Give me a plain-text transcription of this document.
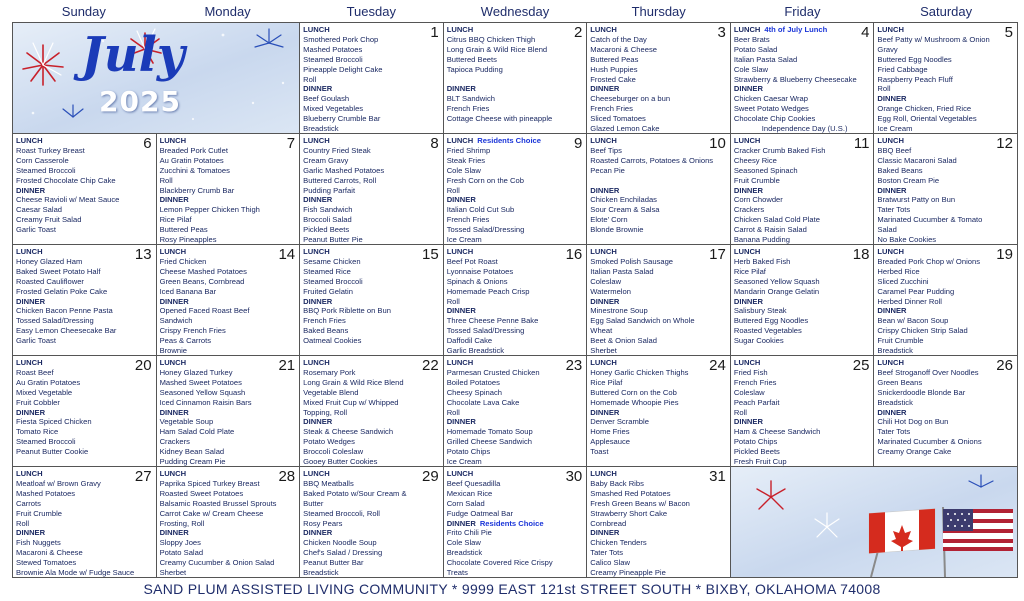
Sunday	Monday	Tuesday	Wednesday	Thursday	Friday	Saturday
July
2025
1
LUNCH
Smothered Pork Chop
Mashed Potatoes
Steamed Broccoli
Pineapple Delight Cake
Roll
DINNER
Beef Goulash
Mixed Vegetables
Blueberry Crumble Bar
Breadstick
2
LUNCH
Citrus BBQ Chicken Thigh
Long Grain & Wild Rice Blend
Buttered Beets
Tapioca Pudding

DINNER
BLT Sandwich
French Fries
Cottage Cheese with pineapple
3
LUNCH
Catch of the Day
Macaroni & Cheese
Buttered Peas
Hush Puppies
Frosted Cake
DINNER
Cheeseburger on a bun
French Fries
Sliced Tomatoes
Glazed Lemon Cake
4
LUNCH 4th of July Lunch
Beer Brats
Potato Salad
Italian Pasta Salad
Cole Slaw
Strawberry & Blueberry Cheesecake
DINNER
Chicken Caesar Wrap
Sweet Potato Wedges
Chocolate Chip Cookies
Independence Day (U.S.)
5
LUNCH
Beef Patty w/ Mushroom & Onion
Gravy
Buttered Egg Noodles
Fried Cabbage
Raspberry Peach Fluff
Roll
DINNER
Orange Chicken, Fried Rice
Egg Roll, Oriental Vegetables
Ice Cream
6
LUNCH
Roast Turkey Breast
Corn Casserole
Steamed Broccoli
Frosted Chocolate Chip Cake
DINNER
Cheese Ravioli w/ Meat Sauce
Caesar Salad
Creamy Fruit Salad
Garlic Toast
7
LUNCH
Breaded Pork Cutlet
Au Gratin Potatoes
Zucchini & Tomatoes
Roll
Blackberry Crumb Bar
DINNER
Lemon Pepper Chicken Thigh
Rice Pilaf
Buttered Peas
Rosy Pineapples
8
LUNCH
Country Fried Steak
Cream Gravy
Garlic Mashed Potatoes
Buttered Carrots, Roll
Pudding Parfait
DINNER
Fish Sandwich
Broccoli Salad
Pickled Beets
Peanut Butter Pie
9
LUNCH Residents Choice
Fried Shrimp
Steak Fries
Cole Slaw
Fresh Corn on the Cob
Roll
DINNER
Italian Cold Cut Sub
French Fries
Tossed Salad/Dressing
Ice Cream
10
LUNCH
Beef Tips
Roasted Carrots, Potatoes & Onions
Pecan Pie

DINNER
Chicken Enchiladas
Sour Cream & Salsa
Elote' Corn
Blonde Brownie
11
LUNCH
Cracker Crumb Baked Fish
Cheesy Rice
Seasoned Spinach
Fruit Crumble
DINNER
Corn Chowder
Crackers
Chicken Salad Cold Plate
Carrot & Raisin Salad
Banana Pudding
12
LUNCH
BBQ Beef
Classic Macaroni Salad
Baked Beans
Boston Cream Pie
DINNER
Bratwurst Patty on Bun
Tater Tots
Marinated Cucumber & Tomato
Salad
No Bake Cookies
13
LUNCH
Honey Glazed Ham
Baked Sweet Potato Half
Roasted Cauliflower
Frosted Gelatin Poke Cake
DINNER
Chicken Bacon Penne Pasta
Tossed Salad/Dressing
Easy Lemon Cheesecake Bar
Garlic Toast
14
LUNCH
Fried Chicken
Cheese Mashed Potatoes
Green Beans, Cornbread
Iced Banana Bar
DINNER
Opened Faced Roast Beef
Sandwich
Crispy French Fries
Peas & Carrots
Brownie
15
LUNCH
Sesame Chicken
Steamed Rice
Steamed Broccoli
Fruited Gelatin
DINNER
BBQ Pork Riblette on Bun
French Fries
Baked Beans
Oatmeal Cookies
16
LUNCH
Beef Pot Roast
Lyonnaise Potatoes
Spinach & Onions
Homemade Peach Crisp
Roll
DINNER
Three Cheese Penne Bake
Tossed Salad/Dressing
Daffodil Cake
Garlic Breadstick
17
LUNCH
Smoked Polish Sausage
Italian Pasta Salad
Coleslaw
Watermelon
DINNER
Minestrone Soup
Egg Salad Sandwich on Whole
Wheat
Beet & Onion Salad
Sherbet
18
LUNCH
Herb Baked Fish
Rice Pilaf
Seasoned Yellow Squash
Mandarin Orange Gelatin
DINNER
Salisbury Steak
Buttered Egg Noodles
Roasted Vegetables
Sugar Cookies
19
LUNCH
Breaded Pork Chop w/ Onions
Herbed Rice
Sliced Zucchini
Caramel Pear Pudding
Herbed Dinner Roll
DINNER
Bean w/ Bacon Soup
Crispy Chicken Strip Salad
Fruit Crumble
Breadstick
20
LUNCH
Roast Beef
Au Gratin Potatoes
Mixed Vegetable
Fruit Cobbler
DINNER
Fiesta Spiced Chicken
Tomato Rice
Steamed Broccoli
Peanut Butter Cookie
21
LUNCH
Honey Glazed Turkey
Mashed Sweet Potatoes
Seasoned Yellow Squash
Iced Cinnamon Raisin Bars
DINNER
Vegetable Soup
Ham Salad Cold Plate
Crackers
Kidney Bean Salad
Pudding Cream Pie
22
LUNCH
Rosemary Pork
Long Grain & Wild Rice Blend
Vegetable Blend
Mixed Fruit Cup w/ Whipped
Topping, Roll
DINNER
Steak & Cheese Sandwich
Potato Wedges
Broccoli Coleslaw
Gooey Butter Cookies
23
LUNCH
Parmesan Crusted Chicken
Boiled Potatoes
Cheesy Spinach
Chocolate Lava Cake
Roll
DINNER
Homemade Tomato Soup
Grilled Cheese Sandwich
Potato Chips
Ice Cream
24
LUNCH
Honey Garlic Chicken Thighs
Rice Pilaf
Buttered Corn on the Cob
Homemade Whoopie Pies
DINNER
Denver Scramble
Home Fries
Applesauce
Toast
25
LUNCH
Fried Fish
French Fries
Coleslaw
Peach Parfait
Roll
DINNER
Ham & Cheese Sandwich
Potato Chips
Pickled Beets
Fresh Fruit Cup
26
LUNCH
Beef Stroganoff Over Noodles
Green Beans
Snickerdoodle Blonde Bar
Breadstick
DINNER
Chili Hot Dog on Bun
Tater Tots
Marinated Cucumber & Onions
Creamy Orange Cake
27
LUNCH
Meatloaf w/ Brown Gravy
Mashed Potatoes
Carrots
Fruit Crumble
Roll
DINNER
Fish Nuggets
Macaroni & Cheese
Stewed Tomatoes
Brownie Ala Mode w/ Fudge Sauce
28
LUNCH
Paprika Spiced Turkey Breast
Roasted Sweet Potatoes
Balsamic Roasted Brussel Sprouts
Carrot Cake w/ Cream Cheese
Frosting, Roll
DINNER
Sloppy Joes
Potato Salad
Creamy Cucumber & Onion Salad
Sherbet
29
LUNCH
BBQ Meatballs
Baked Potato w/Sour Cream &
Butter
Steamed Broccoli, Roll
Rosy Pears
DINNER
Chicken Noodle Soup
Chef's Salad / Dressing
Peanut Butter Bar
Breadstick
30
LUNCH
Beef Quesadilla
Mexican Rice
Corn Salad
Fudge Oatmeal Bar
DINNER Residents Choice
Frito Chili Pie
Cole Slaw
Breadstick
Chocolate Covered Rice Crispy
Treats
31
LUNCH
Baby Back Ribs
Smashed Red Potatoes
Fresh Green Beans w/ Bacon
Strawberry Short Cake
Cornbread
DINNER
Chicken Tenders
Tater Tots
Calico Slaw
Creamy Pineapple Pie
SAND PLUM ASSISTED LIVING COMMUNITY * 9999 EAST 121st STREET SOUTH * BIXBY, OKLAHOMA 74008
